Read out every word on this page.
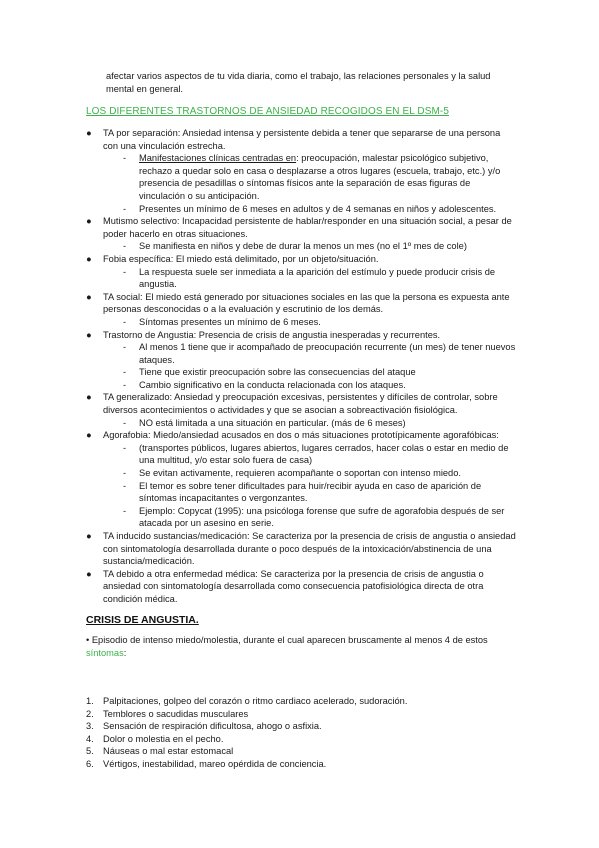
afectar varios aspectos de tu vida diaria, como el trabajo, las relaciones personales y la salud mental en general.
LOS DIFERENTES TRASTORNOS DE ANSIEDAD RECOGIDOS EN EL DSM-5
●	TA por separación: Ansiedad intensa y persistente debida a tener que separarse de una persona con una vinculación estrecha.
- Manifestaciones clínicas centradas en: preocupación, malestar psicológico subjetivo, rechazo a quedar solo en casa o desplazarse a otros lugares (escuela, trabajo, etc.) y/o presencia de pesadillas o síntomas físicos ante la separación de esas figuras de vinculación o su anticipación.
- Presentes un mínimo de 6 meses en adultos y de 4 semanas en niños y adolescentes.
●	Mutismo selectivo: Incapacidad persistente de hablar/responder en una situación social, a pesar de poder hacerlo en otras situaciones.
- Se manifiesta en niños y debe de durar la menos un mes (no el 1º mes de cole)
●	Fobia específica: El miedo está delimitado, por un objeto/situación.
- La respuesta suele ser inmediata a la aparición del estímulo y puede producir crisis de angustia.
●	TA social: El miedo está generado por situaciones sociales en las que la persona es expuesta ante personas desconocidas o a la evaluación y escrutinio de los demás.
- Síntomas presentes un mínimo de 6 meses.
●	Trastorno de Angustia: Presencia de crisis de angustia inesperadas y recurrentes.
- Al menos 1 tiene que ir acompañado de preocupación recurrente (un mes) de tener nuevos ataques.
- Tiene que existir preocupación sobre las consecuencias del ataque
- Cambio significativo en la conducta relacionada con los ataques.
●	TA generalizado: Ansiedad y preocupación excesivas, persistentes y difíciles de controlar, sobre diversos acontecimientos o actividades y que se asocian a sobreactivación fisiológica.
- NO está limitada a una situación en particular. (más de 6 meses)
●	Agorafobia: Miedo/ansiedad acusados en dos o más situaciones prototípicamente agorafóbicas:
- (transportes públicos, lugares abiertos, lugares cerrados, hacer colas o estar en medio de una multitud, y/o estar solo fuera de casa)
- Se evitan activamente, requieren acompañante o soportan con intenso miedo.
- El temor es sobre tener dificultades para huir/recibir ayuda en caso de aparición de síntomas incapacitantes o vergonzantes.
- Ejemplo: Copycat (1995): una psicóloga forense que sufre de agorafobia después de ser atacada por un asesino en serie.
●	TA inducido sustancias/medicación: Se caracteriza por la presencia de crisis de angustia o ansiedad con sintomatología desarrollada durante o poco después de la intoxicación/abstinencia de una sustancia/medicación.
●	TA debido a otra enfermedad médica: Se caracteriza por la presencia de crisis de angustia o ansiedad con sintomatología desarrollada como consecuencia patofisiológica directa de otra condición médica.
CRISIS DE ANGUSTIA.
• Episodio de intenso miedo/molestia, durante el cual aparecen bruscamente al menos 4 de estos síntomas:
1. Palpitaciones, golpeo del corazón o ritmo cardiaco acelerado, sudoración.
2. Temblores o sacudidas musculares
3. Sensación de respiración dificultosa, ahogo o asfixia.
4. Dolor o molestia en el pecho.
5. Náuseas o mal estar estomacal
6. Vértigos, inestabilidad, mareo opérdida de conciencia.
